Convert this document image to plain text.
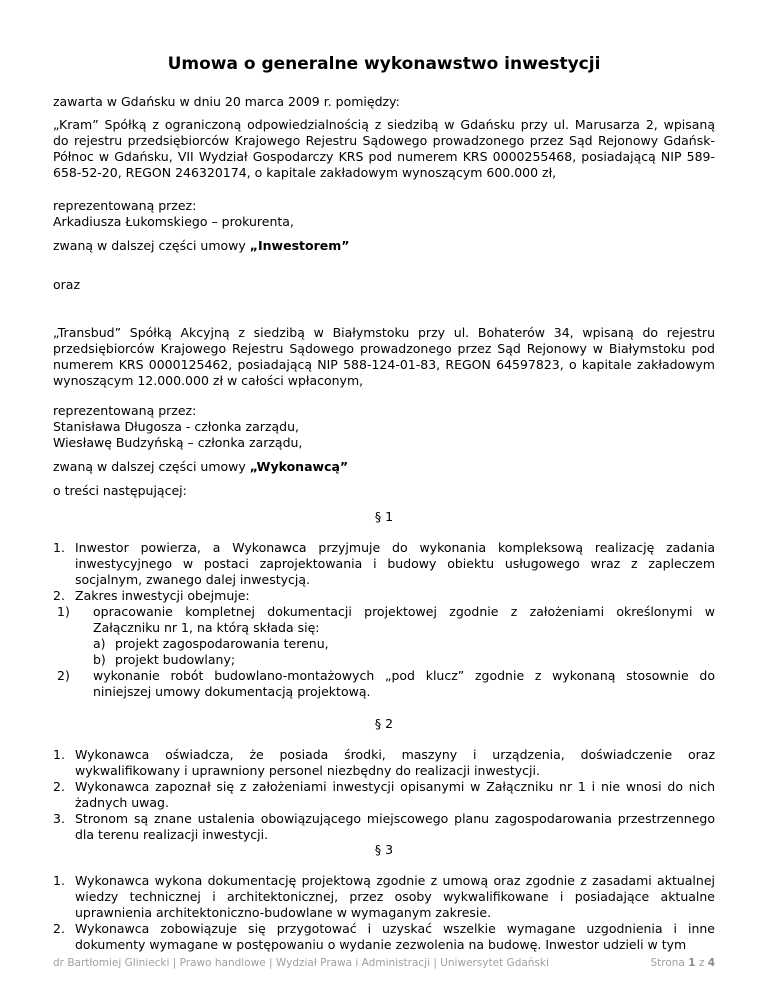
Umowa o generalne wykonawstwo inwestycji

zawarta w Gdańsku w dniu 20 marca 2009 r. pomiędzy:

„Kram” Spółką z ograniczoną odpowiedzialnością z siedzibą w Gdańsku przy ul. Marusarza 2, wpisaną
do rejestru przedsiębiorców Krajowego Rejestru Sądowego prowadzonego przez Sąd Rejonowy Gdańsk-
Północ w Gdańsku, VII Wydział Gospodarczy KRS pod numerem KRS 0000255468, posiadającą NIP 589-
658-52-20, REGON 246320174, o kapitale zakładowym wynoszącym 600.000 zł,

reprezentowaną przez:
Arkadiusza Łukomskiego – prokurenta,

zwaną w dalszej części umowy „Inwestorem”

oraz

„Transbud” Spółką Akcyjną z siedzibą w Białymstoku przy ul. Bohaterów 34, wpisaną do rejestru
przedsiębiorców Krajowego Rejestru Sądowego prowadzonego przez Sąd Rejonowy w Białymstoku pod
numerem KRS 0000125462, posiadającą NIP 588-124-01-83, REGON 64597823, o kapitale zakładowym
wynoszącym 12.000.000 zł w całości wpłaconym,

reprezentowaną przez:
Stanisława Długosza - członka zarządu,
Wiesławę Budzyńską – członka zarządu,

zwaną w dalszej części umowy „Wykonawcą”

o treści następującej:

§ 1

1. Inwestor powierza, a Wykonawca przyjmuje do wykonania kompleksową realizację zadania inwestycyjnego w postaci zaprojektowania i budowy obiektu usługowego wraz z zapleczem socjalnym, zwanego dalej inwestycją.
2. Zakres inwestycji obejmuje:
1) opracowanie kompletnej dokumentacji projektowej zgodnie z założeniami określonymi w Załączniku nr 1, na którą składa się:
a) projekt zagospodarowania terenu,
b) projekt budowlany;
2) wykonanie robót budowlano-montażowych „pod klucz” zgodnie z wykonaną stosownie do niniejszej umowy dokumentacją projektową.

§ 2

1. Wykonawca oświadcza, że posiada środki, maszyny i urządzenia, doświadczenie oraz wykwalifikowany i uprawniony personel niezbędny do realizacji inwestycji.
2. Wykonawca zapoznał się z założeniami inwestycji opisanymi w Załączniku nr 1 i nie wnosi do nich żadnych uwag.
3. Stronom są znane ustalenia obowiązującego miejscowego planu zagospodarowania przestrzennego dla terenu realizacji inwestycji.

§ 3

1. Wykonawca wykona dokumentację projektową zgodnie z umową oraz zgodnie z zasadami aktualnej wiedzy technicznej i architektonicznej, przez osoby wykwalifikowane i posiadające aktualne uprawnienia architektoniczno-budowlane w wymaganym zakresie.
2. Wykonawca zobowiązuje się przygotować i uzyskać wszelkie wymagane uzgodnienia i inne dokumenty wymagane w postępowaniu o wydanie zezwolenia na budowę. Inwestor udzieli w tym
dr Bartłomiej Gliniecki | Prawo handlowe | Wydział Prawa i Administracji | Uniwersytet Gdański	Strona 1 z 4
